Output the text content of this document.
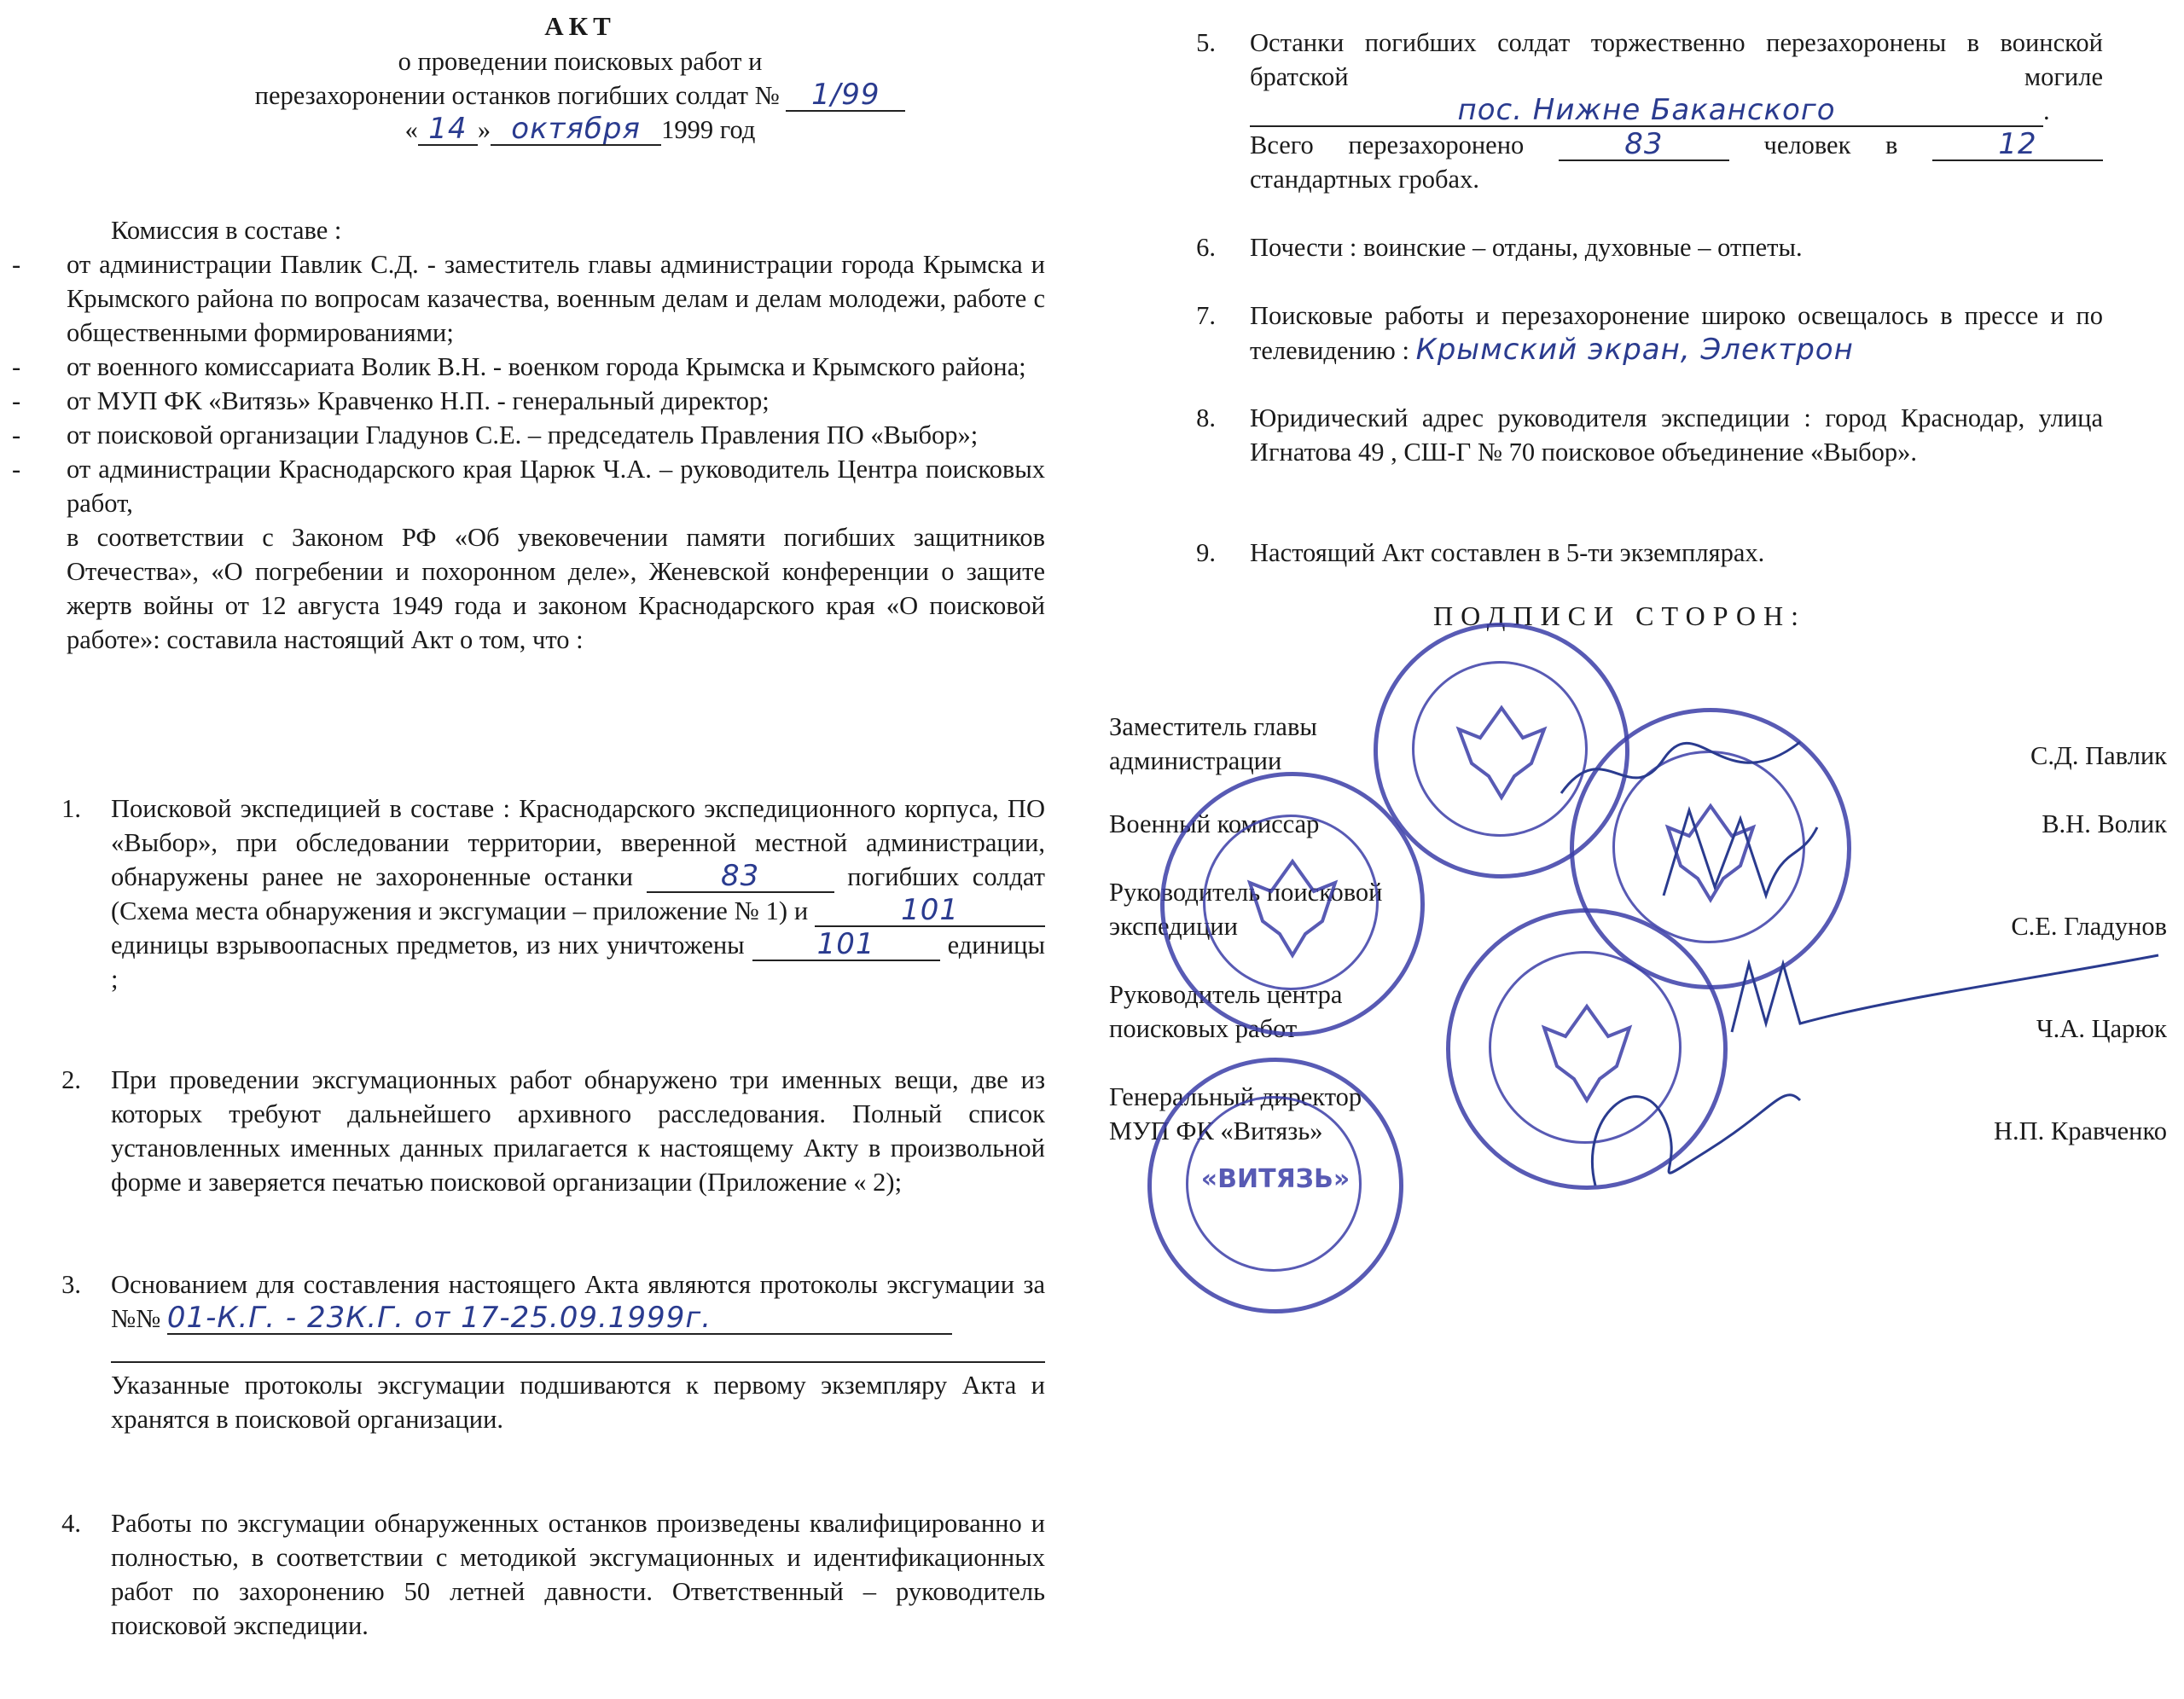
АКТ
о проведении поисковых работ и
перезахоронении останков погибших солдат № 1/99
« 14 » октября 1999 год
Комиссия в составе :
- от администрации Павлик С.Д. - заместитель главы администрации города Крымска и Крымского района по вопросам казачества, военным делам и делам молодежи, работе с общественными формированиями;
- от военного комиссариата Волик В.Н. - военком города Крымска и Крымского района;
- от МУП ФК «Витязь» Кравченко Н.П. - генеральный директор;
- от поисковой организации Гладунов С.Е. – председатель Правления ПО «Выбор»;
- от администрации Краснодарского края Царюк Ч.А. – руководитель Центра поисковых работ,
в соответствии с Законом РФ «Об увековечении памяти погибших защитников Отечества», «О погребении и похоронном деле», Женевской конференции о защите жертв войны от 12 августа 1949 года и законом Краснодарского края «О поисковой работе»: составила настоящий Акт о том, что :
1. Поисковой экспедицией в составе : Краснодарского экспедиционного корпуса, ПО «Выбор», при обследовании территории, вверенной местной администрации, обнаружены ранее не захороненные останки	83	погибших солдат (Схема места обнаружения и эксгумации – приложение № 1) и	101 единицы взрывоопасных предметов, из них уничтожены 101	единицы ;
2. При проведении эксгумационных работ обнаружено три именных вещи, две из которых требуют дальнейшего архивного расследования. Полный список установленных именных данных прилагается к настоящему Акту в произвольной форме и заверяется печатью поисковой организации (Приложение « 2);
3. Основанием для составления настоящего Акта являются протоколы эксгумации за №№ 01-К.Г. - 23К.Г. от 17-25.09.1999г.
Указанные протоколы эксгумации подшиваются к первому экземпляру Акта и хранятся в поисковой организации.
4. Работы по эксгумации обнаруженных останков произведены квалифицированно и полностью, в соответствии с методикой эксгумационных и идентификационных работ по захоронению 50 летней давности. Ответственный – руководитель поисковой экспедиции.
5. Останки погибших солдат торжественно перезахоронены в воинской братской могиле пос. Нижне Баканского	. Всего перезахоронено	83	человек в	12стандартных гробах.
6. Почести : воинские – отданы, духовные – отпеты.
7. Поисковые работы и перезахоронение широко освещалось в прессе и по телевидению : Крымский экран, Электрон
8. Юридический адрес руководителя экспедиции : город Краснодар, улица Игнатова 49 , СШ-Г № 70 поисковое объединение «Выбор».
9. Настоящий Акт составлен в 5-ти экземплярах.
ПОДПИСИ СТОРОН:
Заместитель главы
администрации	С.Д. Павлик
Военный комиссар	В.Н. Волик
Руководитель поисковой экспедиции	С.Е. Гладунов
Руководитель центра поисковых работ	Ч.А. Царюк
Генеральный директор
МУП ФК «Витязь»	Н.П. Кравченко
«ВИТЯЗЬ»
